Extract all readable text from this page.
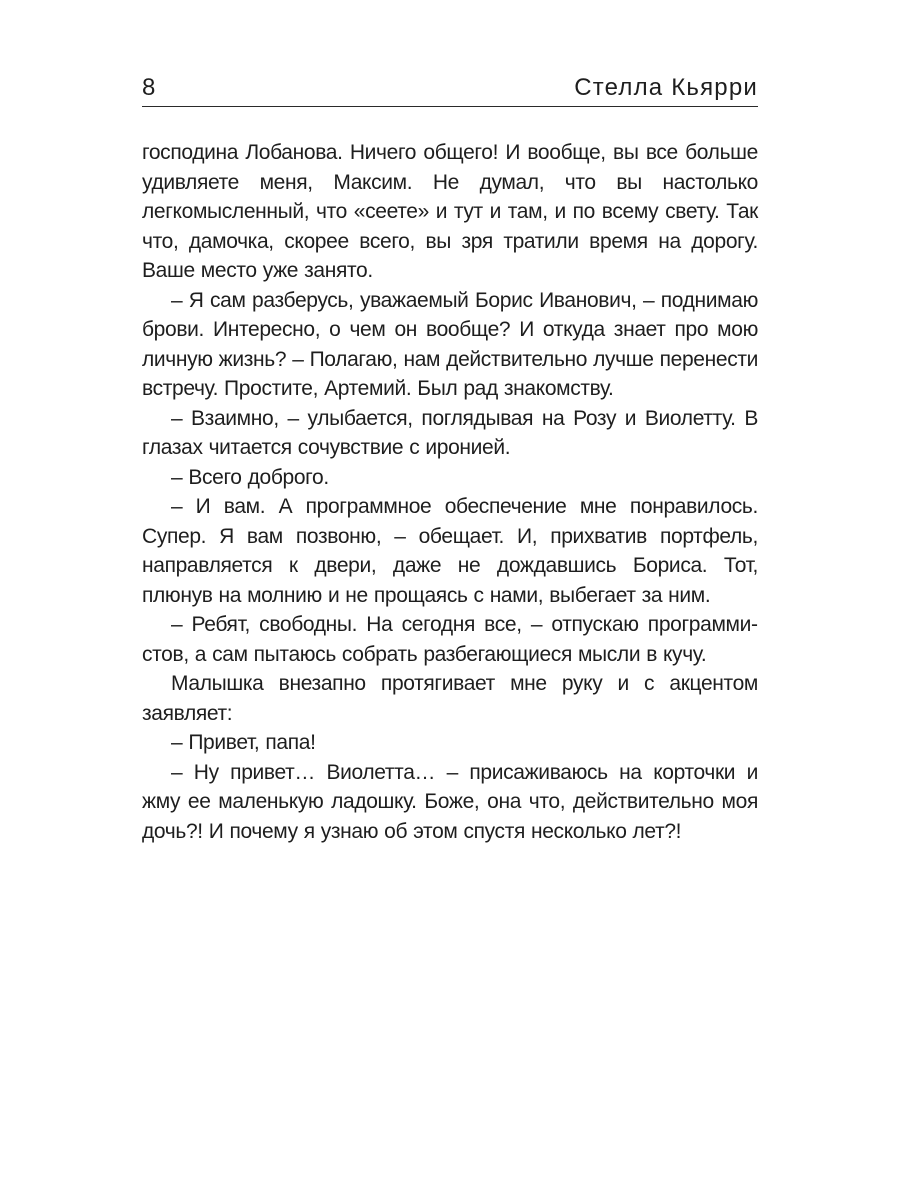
8	Стелла Кьярри

господина Лобанова. Ничего общего! И вообще, вы все больше удивляете меня, Максим. Не думал, что вы настолько легкомысленный, что «сеете» и тут и там, и по всему свету. Так что, дамочка, скорее всего, вы зря тратили время на дорогу. Ваше место уже занято.

– Я сам разберусь, уважаемый Борис Иванович, – поднимаю брови. Интересно, о чем он вообще? И откуда знает про мою личную жизнь? – Полагаю, нам действительно лучше перенести встречу. Простите, Артемий. Был рад знакомству.

– Взаимно, – улыбается, поглядывая на Розу и Виолетту. В глазах читается сочувствие с иронией.

– Всего доброго.

– И вам. А программное обеспечение мне понравилось. Супер. Я вам позвоню, – обещает. И, прихватив портфель, направляется к двери, даже не дождавшись Бориса. Тот, плюнув на молнию и не прощаясь с нами, выбегает за ним.

– Ребят, свободны. На сегодня все, – отпускаю программистов, а сам пытаюсь собрать разбегающиеся мысли в кучу.

Малышка внезапно протягивает мне руку и с акцентом заявляет:

– Привет, папа!

– Ну привет… Виолетта… – присаживаюсь на корточки и жму ее маленькую ладошку. Боже, она что, действительно моя дочь?! И почему я узнаю об этом спустя несколько лет?!
